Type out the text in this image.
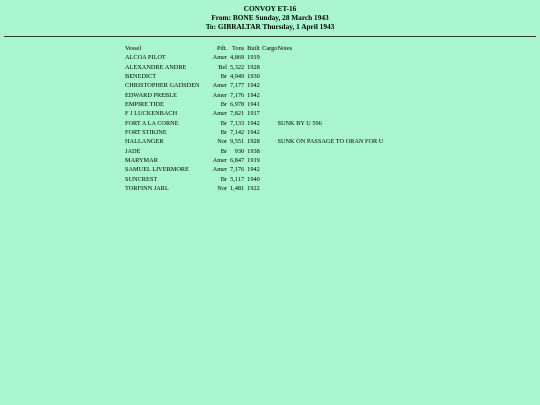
CONVOY ET-16
From: BONE Sunday, 28 March 1943
To: GIBRALTAR Thursday, 1 April 1943
Vessel	Pdt.	Tons	Built	Cargo	Notes
ALCOA PILOT	Amer	4,869	1919		
ALEXANDRE ANDRE	Bel	5,322	1928		
BENEDICT	Br	4,949	1930		
CHRISTOPHER GADSDEN	Amer	7,177	1942		
EDWARD PREBLE	Amer	7,176	1942		
EMPIRE TIDE	Br	6,978	1941		
F J LUCKENBACH	Amer	7,821	1917		
FORT A LA CORNE	Br	7,133	1942		SUNK BY U 596
FORT STIKINE	Br	7,142	1942		
HALLANGER	Nor	9,551	1928		SUNK ON PASSAGE TO ORAN FOR U
JADE	Br	930	1938		
MARYMAR	Amer	6,847	1919		
SAMUEL LIVERMORE	Amer	7,176	1942		
SUNCREST	Br	5,117	1940		
TORFINN JARL	Nor	1,481	1922		
